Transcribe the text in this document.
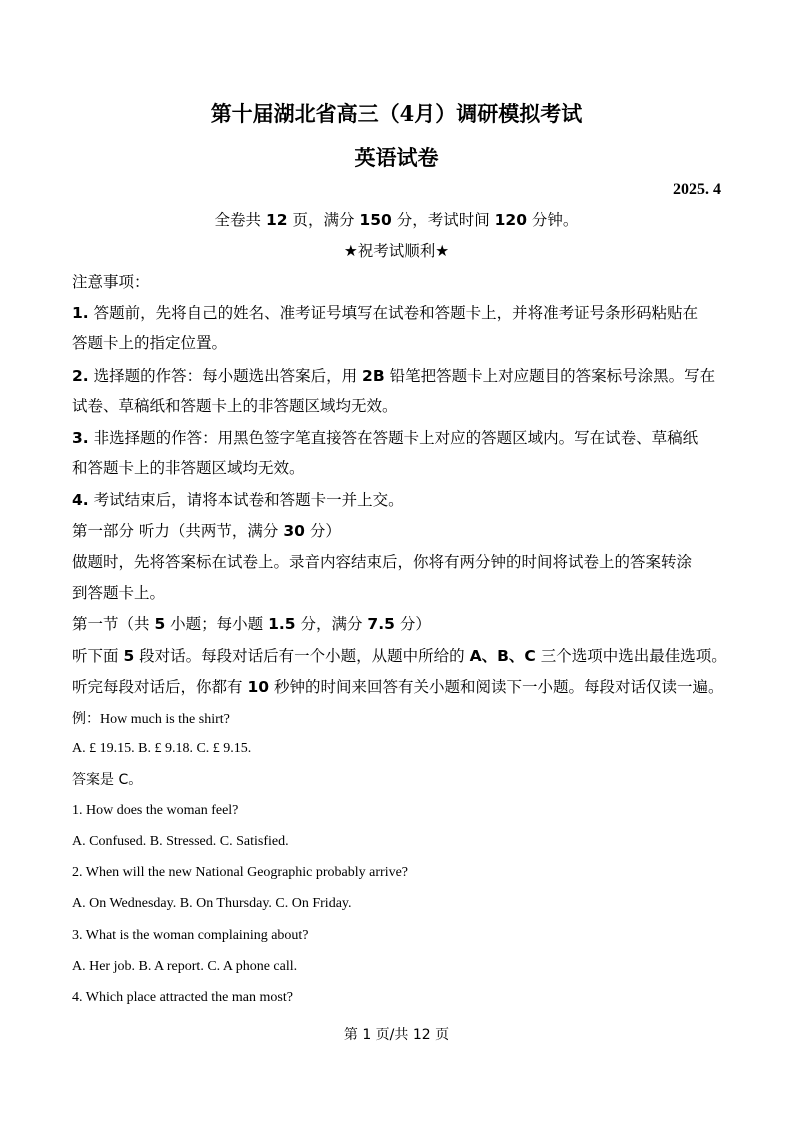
第十届湖北省高三（4月）调研模拟考试
英语试卷
2025. 4
全卷共 12 页，满分 150 分，考试时间 120 分钟。
★祝考试顺利★
注意事项：
1. 答题前，先将自己的姓名、准考证号填写在试卷和答题卡上，并将准考证号条形码粘贴在
答题卡上的指定位置。
2. 选择题的作答：每小题选出答案后，用 2B 铅笔把答题卡上对应题目的答案标号涂黑。写在
试卷、草稿纸和答题卡上的非答题区域均无效。
3. 非选择题的作答：用黑色签字笔直接答在答题卡上对应的答题区域内。写在试卷、草稿纸
和答题卡上的非答题区域均无效。
4. 考试结束后，请将本试卷和答题卡一并上交。
第一部分 听力（共两节，满分 30 分）
做题时，先将答案标在试卷上。录音内容结束后，你将有两分钟的时间将试卷上的答案转涂
到答题卡上。
第一节（共 5 小题；每小题 1.5 分，满分 7.5 分）
听下面 5 段对话。每段对话后有一个小题，从题中所给的 A、B、C 三个选项中选出最佳选项。
听完每段对话后，你都有 10 秒钟的时间来回答有关小题和阅读下一小题。每段对话仅读一遍。
例：How much is the shirt?
A. £ 19.15. B. £ 9.18. C. £ 9.15.
答案是 C。
1. How does the woman feel?
A. Confused. B. Stressed. C. Satisfied.
2. When will the new National Geographic probably arrive?
A. On Wednesday. B. On Thursday. C. On Friday.
3. What is the woman complaining about?
A. Her job. B. A report. C. A phone call.
4. Which place attracted the man most?
第 1 页/共 12 页
